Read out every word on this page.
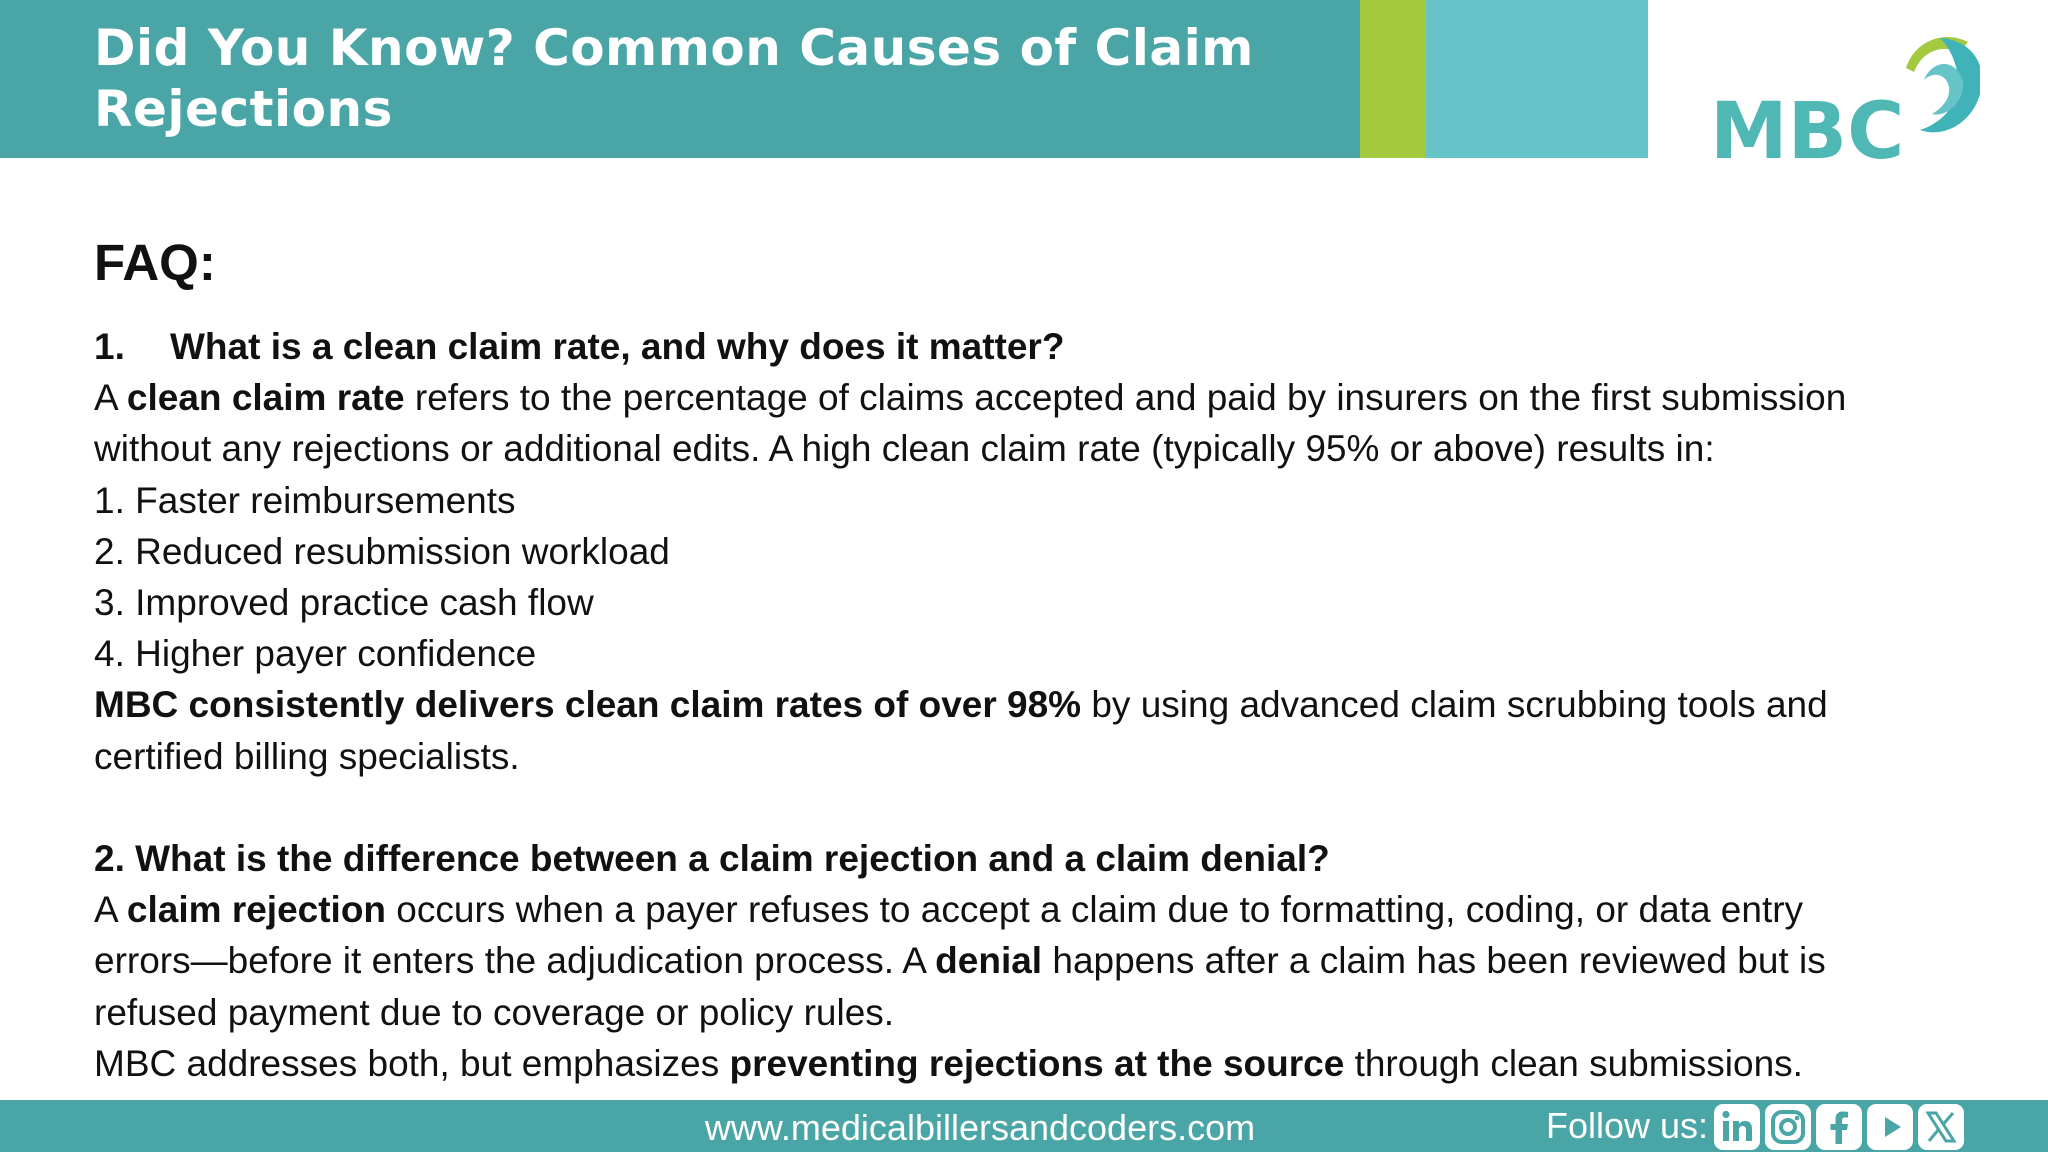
Did You Know? Common Causes of Claim Rejections	MBC
FAQ:
1.	What is a clean claim rate, and why does it matter?
A clean claim rate refers to the percentage of claims accepted and paid by insurers on the first submission
without any rejections or additional edits. A high clean claim rate (typically 95% or above) results in:
1. Faster reimbursements
2. Reduced resubmission workload
3. Improved practice cash flow
4. Higher payer confidence
MBC consistently delivers clean claim rates of over 98% by using advanced claim scrubbing tools and
certified billing specialists.
2. What is the difference between a claim rejection and a claim denial?
A claim rejection occurs when a payer refuses to accept a claim due to formatting, coding, or data entry
errors—before it enters the adjudication process. A denial happens after a claim has been reviewed but is
refused payment due to coverage or policy rules.
MBC addresses both, but emphasizes preventing rejections at the source through clean submissions.
www.medicalbillersandcoders.com	Follow us:
